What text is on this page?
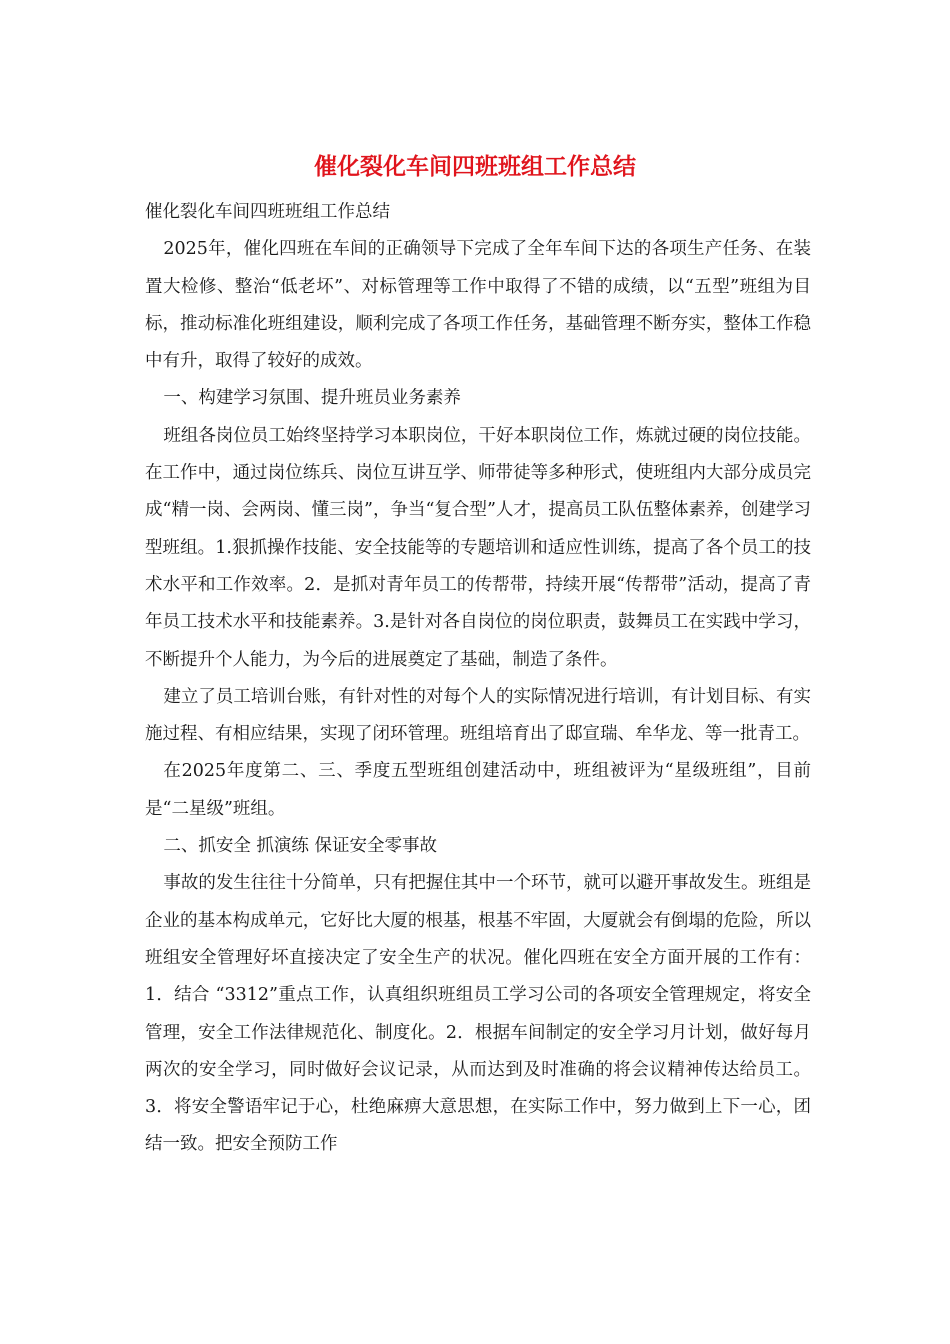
催化裂化车间四班班组工作总结

催化裂化车间四班班组工作总结

2025年，催化四班在车间的正确领导下完成了全年车间下达的各项生产任务、在装置大检修、整治“低老坏”、对标管理等工作中取得了不错的成绩，以“五型”班组为目标，推动标准化班组建设，顺利完成了各项工作任务，基础管理不断夯实，整体工作稳中有升，取得了较好的成效。

一、构建学习氛围、提升班员业务素养

班组各岗位员工始终坚持学习本职岗位，干好本职岗位工作，炼就过硬的岗位技能。在工作中，通过岗位练兵、岗位互讲互学、师带徒等多种形式，使班组内大部分成员完成“精一岗、会两岗、懂三岗”，争当“复合型”人才，提高员工队伍整体素养，创建学习型班组。1.狠抓操作技能、安全技能等的专题培训和适应性训练，提高了各个员工的技术水平和工作效率。2．是抓对青年员工的传帮带，持续开展“传帮带”活动，提高了青年员工技术水平和技能素养。3.是针对各自岗位的岗位职责，鼓舞员工在实践中学习，不断提升个人能力，为今后的进展奠定了基础，制造了条件。

建立了员工培训台账，有针对性的对每个人的实际情况进行培训，有计划目标、有实施过程、有相应结果，实现了闭环管理。班组培育出了邸宣瑞、牟华龙、等一批青工。

在2025年度第二、三、季度五型班组创建活动中，班组被评为“星级班组”，目前是“二星级”班组。

二、抓安全 抓演练 保证安全零事故

事故的发生往往十分简单，只有把握住其中一个环节，就可以避开事故发生。班组是企业的基本构成单元，它好比大厦的根基，根基不牢固，大厦就会有倒塌的危险，所以班组安全管理好坏直接决定了安全生产的状况。催化四班在安全方面开展的工作有：1．结合 “3312”重点工作，认真组织班组员工学习公司的各项安全管理规定，将安全管理，安全工作法律规范化、制度化。2．根据车间制定的安全学习月计划，做好每月两次的安全学习，同时做好会议记录，从而达到及时准确的将会议精神传达给员工。3．将安全警语牢记于心，杜绝麻痹大意思想，在实际工作中，努力做到上下一心，团结一致。把安全预防工作
